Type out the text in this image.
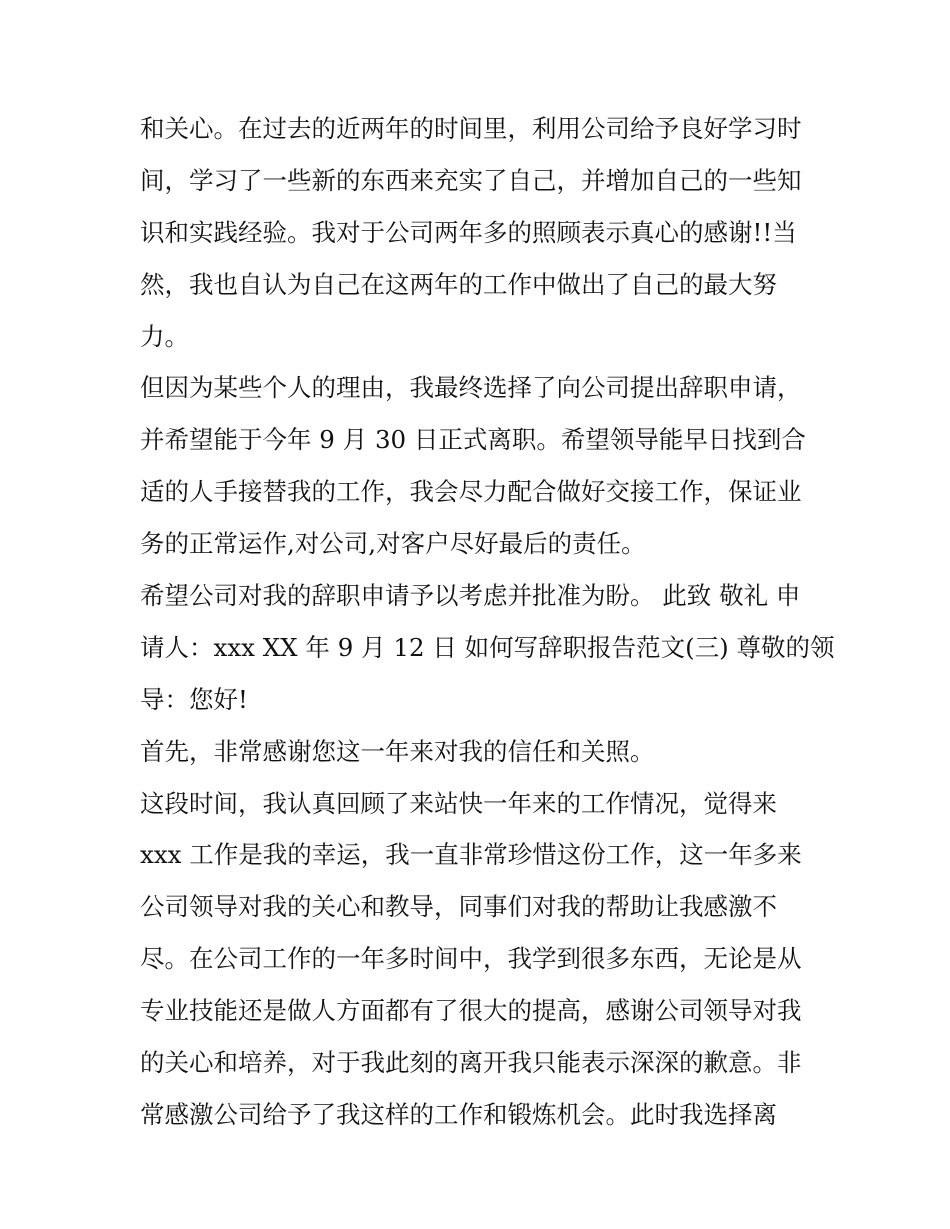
和关心。在过去的近两年的时间里，利用公司给予良好学习时
间，学习了一些新的东西来充实了自己，并增加自己的一些知
识和实践经验。我对于公司两年多的照顾表示真心的感谢!!当
然，我也自认为自己在这两年的工作中做出了自己的最大努
力。
但因为某些个人的理由，我最终选择了向公司提出辞职申请，
并希望能于今年 9 月 30 日正式离职。希望领导能早日找到合
适的人手接替我的工作，我会尽力配合做好交接工作，保证业
务的正常运作,对公司,对客户尽好最后的责任。
希望公司对我的辞职申请予以考虑并批准为盼。 此致 敬礼 申
请人：xxx XX 年 9 月 12 日 如何写辞职报告范文(三) 尊敬的领
导：您好!
首先，非常感谢您这一年来对我的信任和关照。
这段时间，我认真回顾了来站快一年来的工作情况，觉得来
xxx 工作是我的幸运，我一直非常珍惜这份工作，这一年多来
公司领导对我的关心和教导，同事们对我的帮助让我感激不
尽。在公司工作的一年多时间中，我学到很多东西，无论是从
专业技能还是做人方面都有了很大的提高，感谢公司领导对我
的关心和培养，对于我此刻的离开我只能表示深深的歉意。非
常感激公司给予了我这样的工作和锻炼机会。此时我选择离
